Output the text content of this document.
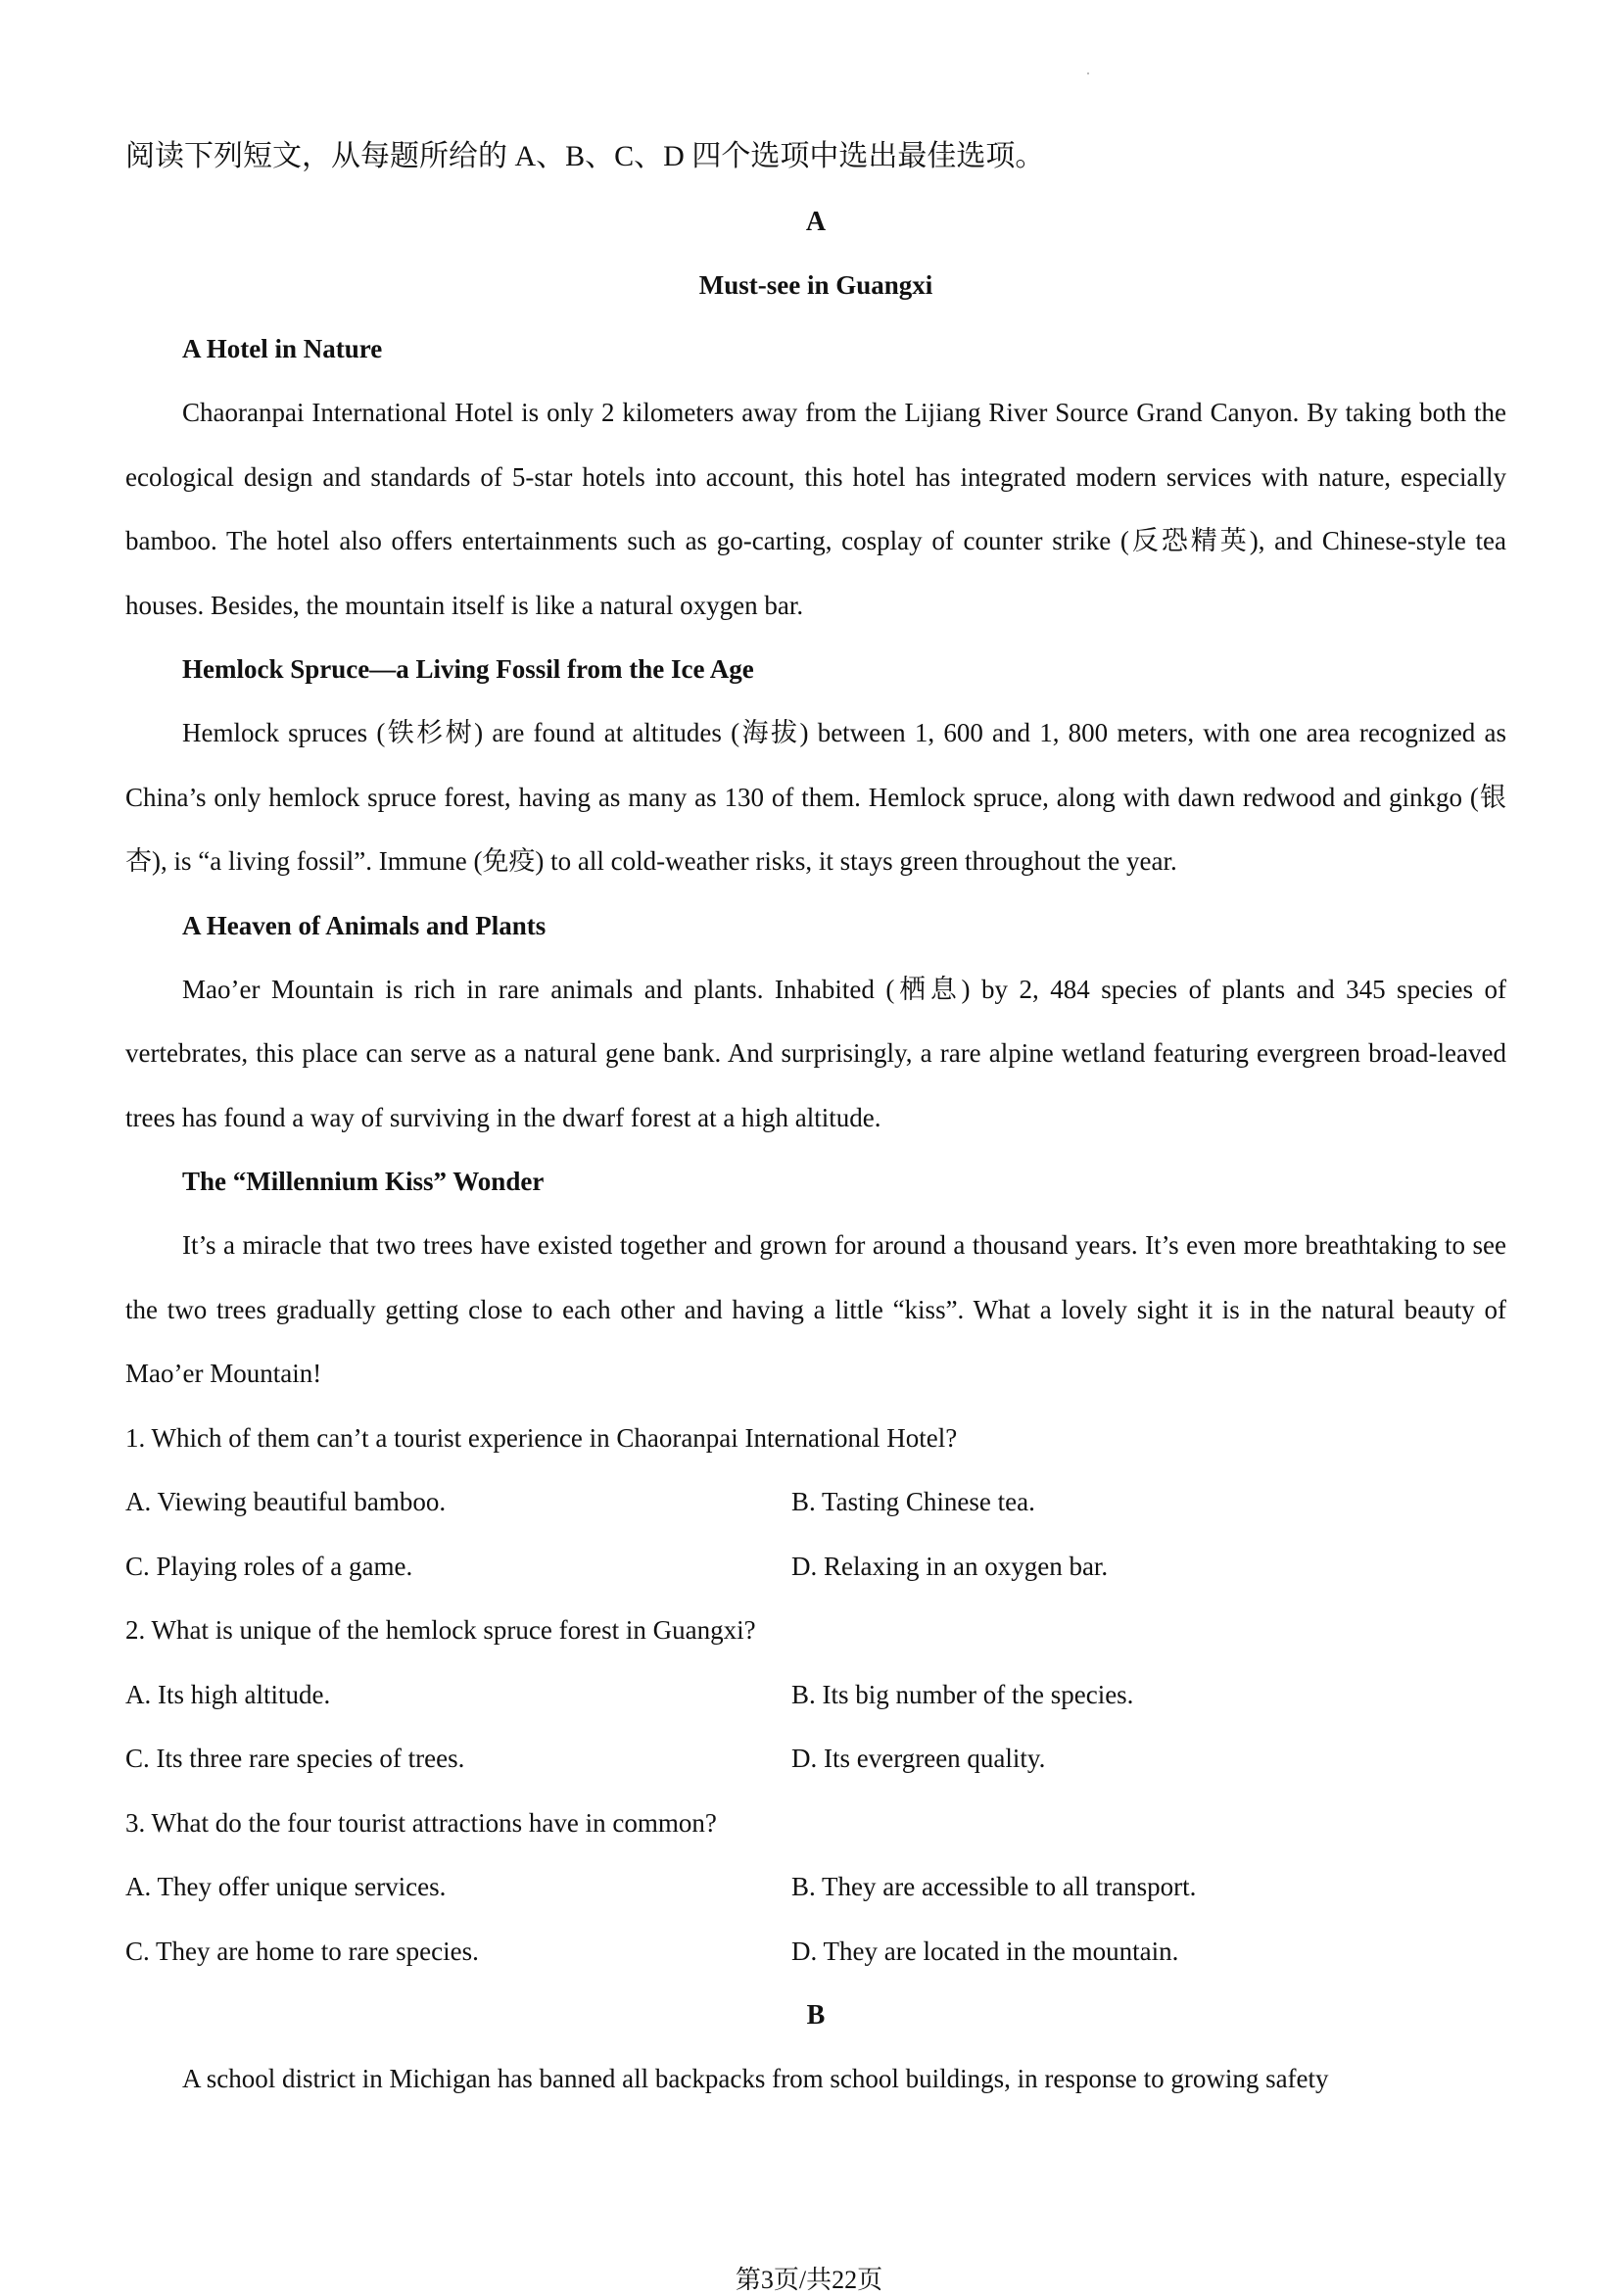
阅读下列短文，从每题所给的 A、B、C、D 四个选项中选出最佳选项。
A
Must-see in Guangxi
A Hotel in Nature

Chaoranpai International Hotel is only 2 kilometers away from the Lijiang River Source Grand Canyon. By taking both the ecological design and standards of 5-star hotels into account, this hotel has integrated modern services with nature, especially bamboo. The hotel also offers entertainments such as go-carting, cosplay of counter strike (反恐精英), and Chinese-style tea houses. Besides, the mountain itself is like a natural oxygen bar.

Hemlock Spruce—a Living Fossil from the Ice Age

Hemlock spruces (铁杉树) are found at altitudes (海拔) between 1, 600 and 1, 800 meters, with one area recognized as China’s only hemlock spruce forest, having as many as 130 of them. Hemlock spruce, along with dawn redwood and ginkgo (银杏), is “a living fossil”. Immune (免疫) to all cold-weather risks, it stays green throughout the year.

A Heaven of Animals and Plants

Mao’er Mountain is rich in rare animals and plants. Inhabited (栖息) by 2, 484 species of plants and 345 species of vertebrates, this place can serve as a natural gene bank. And surprisingly, a rare alpine wetland featuring evergreen broad-leaved trees has found a way of surviving in the dwarf forest at a high altitude.

The “Millennium Kiss” Wonder

It’s a miracle that two trees have existed together and grown for around a thousand years. It’s even more breathtaking to see the two trees gradually getting close to each other and having a little “kiss”. What a lovely sight it is in the natural beauty of Mao’er Mountain!

1. Which of them can’t a tourist experience in Chaoranpai International Hotel?
A. Viewing beautiful bamboo.	B. Tasting Chinese tea.
C. Playing roles of a game.	D. Relaxing in an oxygen bar.
2. What is unique of the hemlock spruce forest in Guangxi?
A. Its high altitude.	B. Its big number of the species.
C. Its three rare species of trees.	D. Its evergreen quality.
3. What do the four tourist attractions have in common?
A. They offer unique services.	B. They are accessible to all transport.
C. They are home to rare species.	D. They are located in the mountain.
B

A school district in Michigan has banned all backpacks from school buildings, in response to growing safety

第3页/共22页
